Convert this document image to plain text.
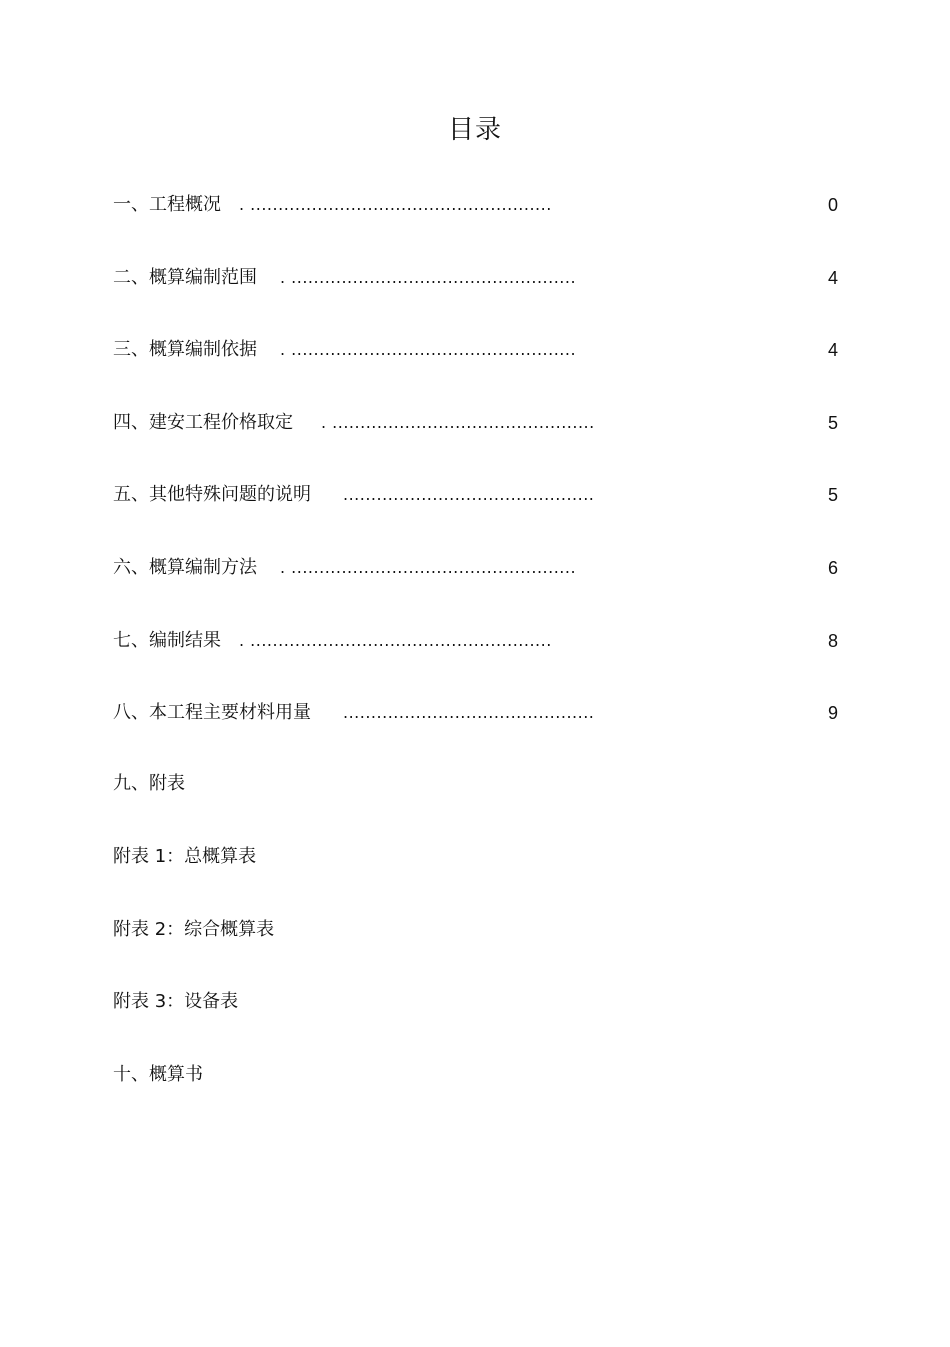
目录
一、工程概况 . ......................................................	0
二、概算编制范围 . ...................................................	4
三、概算编制依据 . ...................................................	4
四、建安工程价格取定 . ...............................................	5
五、其他特殊问题的说明 .............................................	5
六、概算编制方法 . ...................................................	6
七、编制结果 . ......................................................	8
八、本工程主要材料用量 .............................................	9
九、附表
附表 1：总概算表
附表 2：综合概算表
附表 3：设备表
十、概算书
